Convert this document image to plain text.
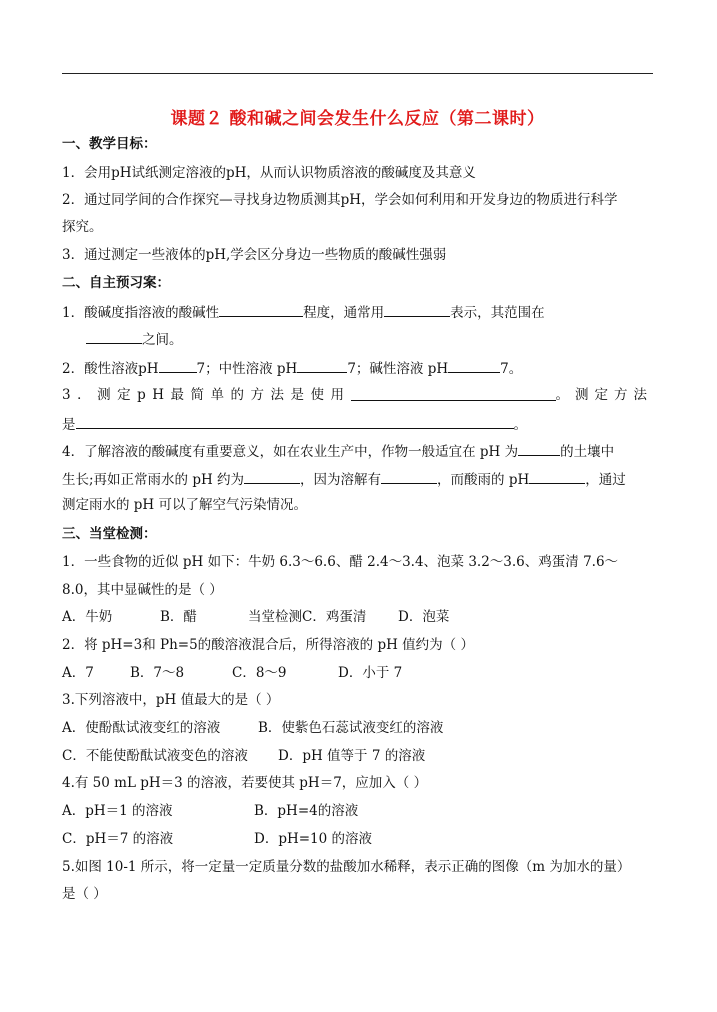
课题２ 酸和碱之间会发生什么反应（第二课时）
一、教学目标：
1．会用pH试纸测定溶液的pH，从而认识物质溶液的酸碱度及其意义
2．通过同学间的合作探究—寻找身边物质测其pH，学会如何利用和开发身边的物质进行科学
探究。
3．通过测定一些液体的pH,学会区分身边一些物质的酸碱性强弱
二、自主预习案：
1．酸碱度指溶液的酸碱性	程度，通常用	表示，其范围在
之间。
2．酸性溶液pH	7；中性溶液 pH	7；碱性溶液 pH	7。
3．测定pH最简单的方法是使用	。测定方法
是	。
4．了解溶液的酸碱度有重要意义，如在农业生产中，作物一般适宜在 pH 为	的土壤中
生长;再如正常雨水的 pH 约为	，因为溶解有	，而酸雨的 pH	，通过
测定雨水的 pH 可以了解空气污染情况。
三、当堂检测：
1．一些食物的近似 pH 如下：牛奶 6.3～6.6、醋 2.4～3.4、泡菜 3.2～3.6、鸡蛋清 7.6～
8.0，其中显碱性的是（ ）
A．牛奶	B．醋	当堂检测C．鸡蛋清 D．泡菜
2．将 pH=3和 Ph=5的酸溶液混合后，所得溶液的 pH 值约为（ ）
A．7	B．7～8	C．8～9	D．小于 7
3.下列溶液中，pH 值最大的是（ ）
A．使酚酞试液变红的溶液	B．使紫色石蕊试液变红的溶液
C．不能使酚酞试液变色的溶液 D．pH 值等于 7 的溶液
4.有 50 mL pH＝3 的溶液，若要使其 pH＝7，应加入（ ）
A．pH＝1 的溶液	B．pH=4的溶液
C．pH＝7 的溶液	D．pH=10 的溶液
5.如图 10-1 所示，将一定量一定质量分数的盐酸加水稀释，表示正确的图像（m 为加水的量）
是（ ）
